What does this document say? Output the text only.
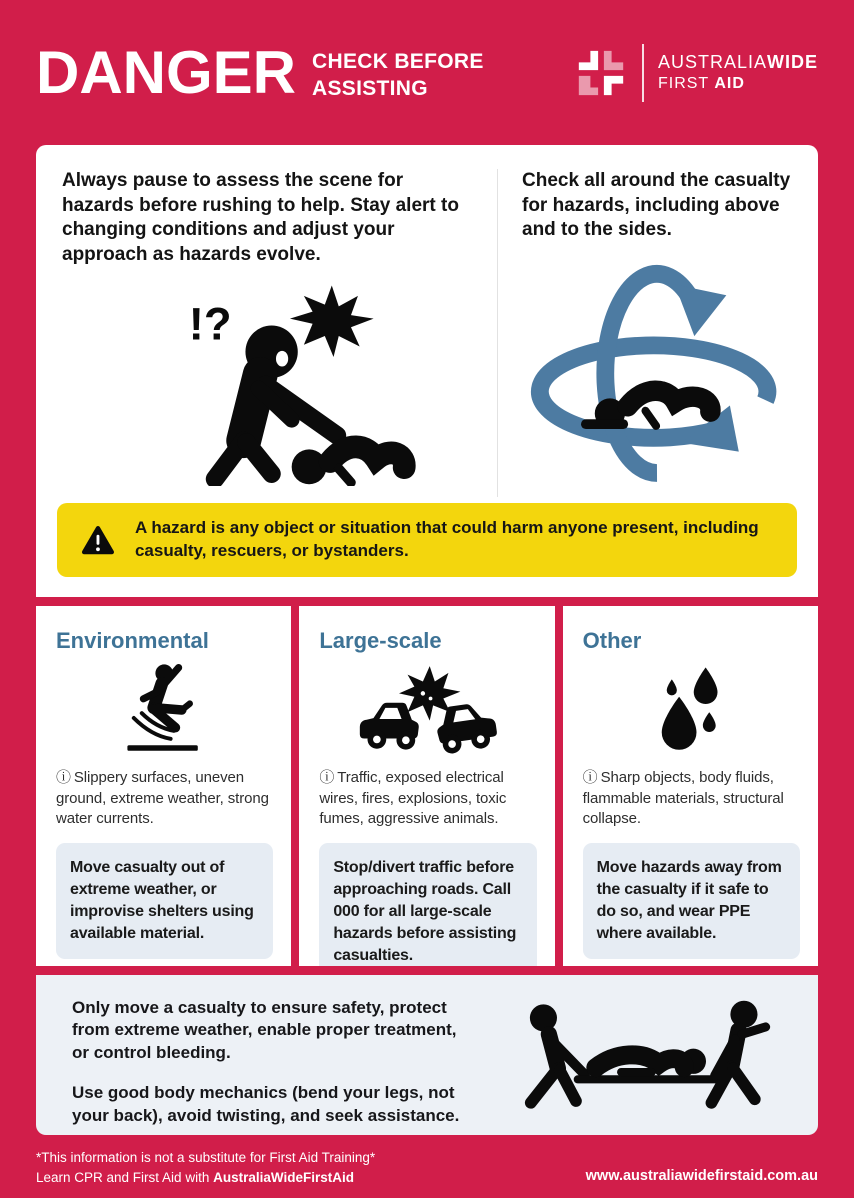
DANGER CHECK BEFORE
ASSISTING
AUSTRALIAWIDE
FIRST AID

Always pause to assess the scene for hazards before rushing to help. Stay alert to changing conditions and adjust your approach as hazards evolve.

!?

Check all around the casualty for hazards, including above and to the sides.

A hazard is any object or situation that could harm anyone present, including casualty, rescuers, or bystanders.
Environmental
ⓘ Slippery surfaces, uneven ground, extreme weather, strong water currents.
Move casualty out of extreme weather, or improvise shelters using available material.
Large-scale
ⓘ Traffic, exposed electrical wires, fires, explosions, toxic fumes, aggressive animals.
Stop/divert traffic before approaching roads. Call 000 for all large-scale hazards before assisting casualties.
Other
ⓘ Sharp objects, body fluids, flammable materials, structural collapse.
Move hazards away from the casualty if it safe to do so, and wear PPE where available.

Only move a casualty to ensure safety, protect from extreme weather, enable proper treatment, or control bleeding.

Use good body mechanics (bend your legs, not your back), avoid twisting, and seek assistance.

*This information is not a substitute for First Aid Training*
Learn CPR and First Aid with AustraliaWideFirstAid	www.australiawidefirstaid.com.au
